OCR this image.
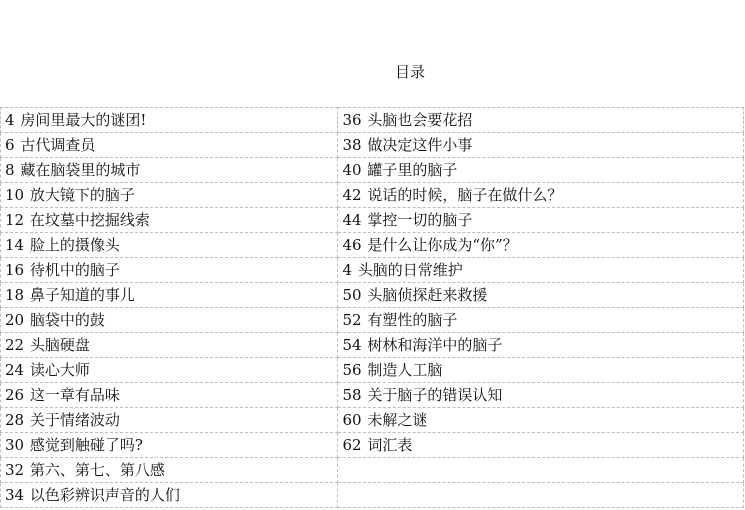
目录
4 房间里最大的谜团!	36 头脑也会要花招
6 古代调查员	38 做决定这件小事
8 藏在脑袋里的城市	40 罐子里的脑子
10 放大镜下的脑子	42 说话的时候，脑子在做什么？
12 在坟墓中挖掘线索	44 掌控一切的脑子
14 脸上的摄像头	46 是什么让你成为“你”？
16 待机中的脑子	4 头脑的日常维护
18 鼻子知道的事儿	50 头脑侦探赶来救援
20 脑袋中的鼓	52 有塑性的脑子
22 头脑硬盘	54 树林和海洋中的脑子
24 读心大师	56 制造人工脑
26 这一章有品味	58 关于脑子的错误认知
28 关于情绪波动	60 未解之谜
30 感觉到触碰了吗?	62 词汇表
32 第六、第七、第八感	
34 以色彩辨识声音的人们	
